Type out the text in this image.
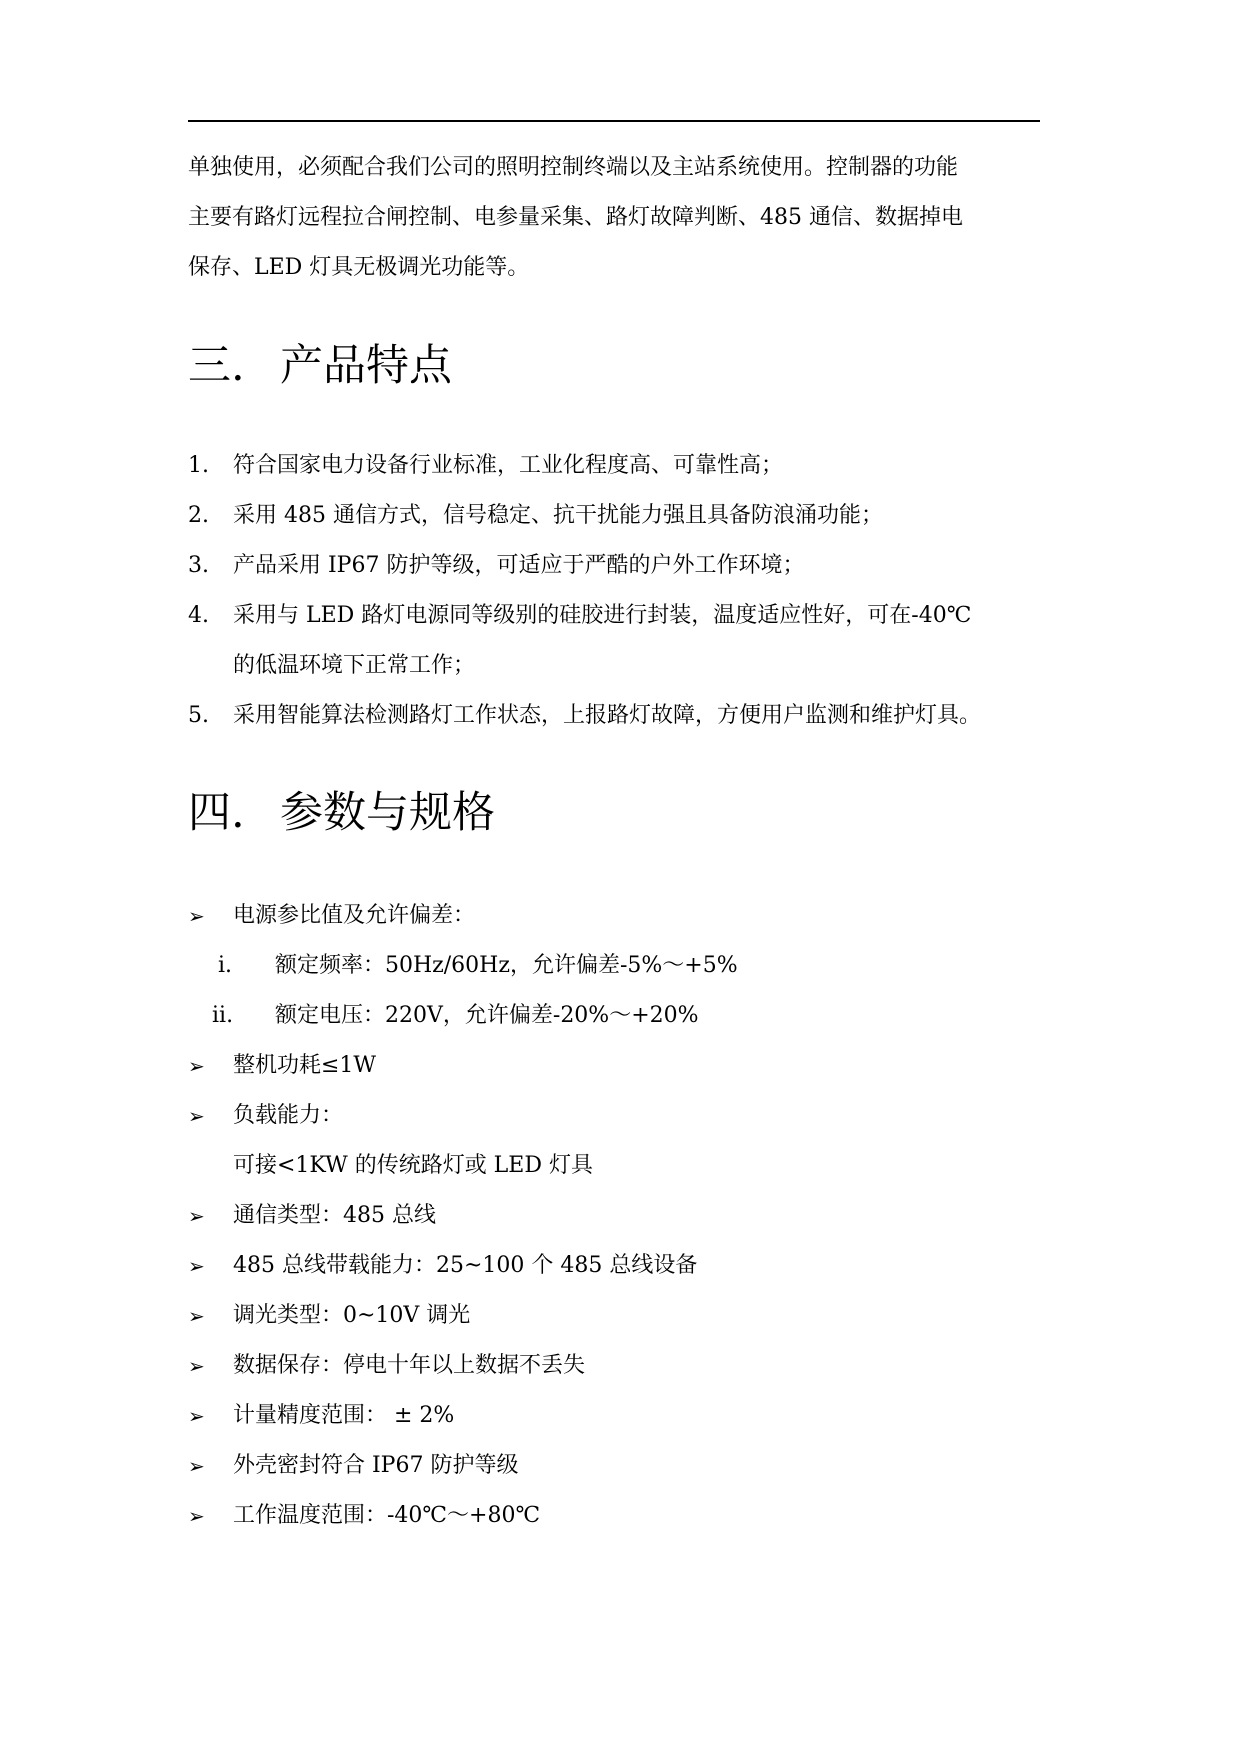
单独使用，必须配合我们公司的照明控制终端以及主站系统使用。控制器的功能

主要有路灯远程拉合闸控制、电参量采集、路灯故障判断、485 通信、数据掉电

保存、LED 灯具无极调光功能等。

三. 产品特点
1. 符合国家电力设备行业标准，工业化程度高、可靠性高；
2. 采用 485 通信方式，信号稳定、抗干扰能力强且具备防浪涌功能；
3. 产品采用 IP67 防护等级，可适应于严酷的户外工作环境；
4. 采用与 LED 路灯电源同等级别的硅胶进行封装，温度适应性好，可在-40℃
的低温环境下正常工作；
5. 采用智能算法检测路灯工作状态，上报路灯故障，方便用户监测和维护灯具。
四. 参数与规格
➢ 电源参比值及允许偏差：
i. 额定频率：50Hz/60Hz，允许偏差-5%～+5%
ii. 额定电压：220V，允许偏差-20%～+20%
➢ 整机功耗≤1W
➢ 负载能力：
可接<1KW 的传统路灯或 LED 灯具
➢ 通信类型：485 总线
➢ 485 总线带载能力：25~100 个 485 总线设备
➢ 调光类型：0~10V 调光
➢ 数据保存：停电十年以上数据不丢失
➢ 计量精度范围： ± 2%
➢ 外壳密封符合 IP67 防护等级
➢ 工作温度范围：-40℃～+80℃
